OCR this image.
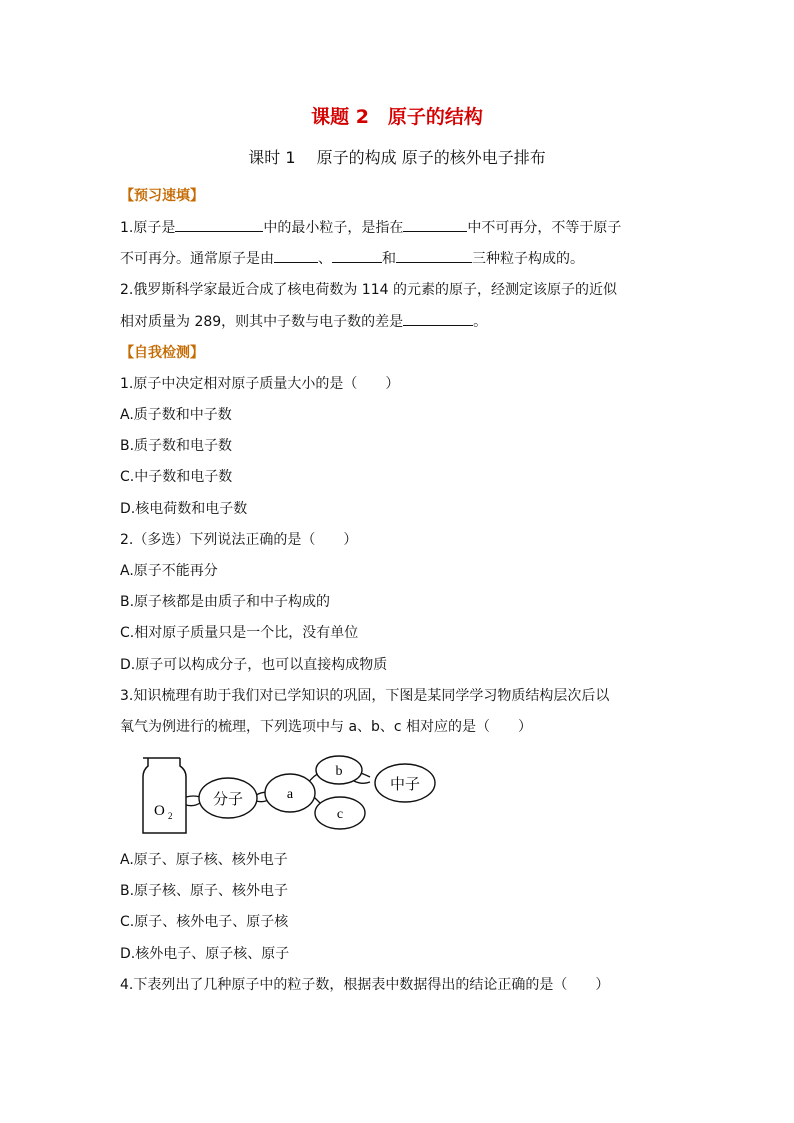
课题 2　原子的结构
课时 1　 原子的构成 原子的核外电子排布
【预习速填】
1.原子是	中的最小粒子，是指在	中不可再分，不等于原子
不可再分。通常原子是由	、	和	三种粒子构成的。
2.俄罗斯科学家最近合成了核电荷数为 114 的元素的原子，经测定该原子的近似
相对质量为 289，则其中子数与电子数的差是	。
【自我检测】
1.原子中决定相对原子质量大小的是（　　）
A.质子数和中子数
B.质子数和电子数
C.中子数和电子数
D.核电荷数和电子数
2.（多选）下列说法正确的是（　　）
A.原子不能再分
B.原子核都是由质子和中子构成的
C.相对原子质量只是一个比，没有单位
D.原子可以构成分子，也可以直接构成物质
3.知识梳理有助于我们对已学知识的巩固，下图是某同学学习物质结构层次后以
氧气为例进行的梳理，下列选项中与 a、b、c 相对应的是（　　）
O 2
分子	a
b
c
中子
A.原子、原子核、核外电子
B.原子核、原子、核外电子
C.原子、核外电子、原子核
D.核外电子、原子核、原子
4.下表列出了几种原子中的粒子数，根据表中数据得出的结论正确的是（　　）
